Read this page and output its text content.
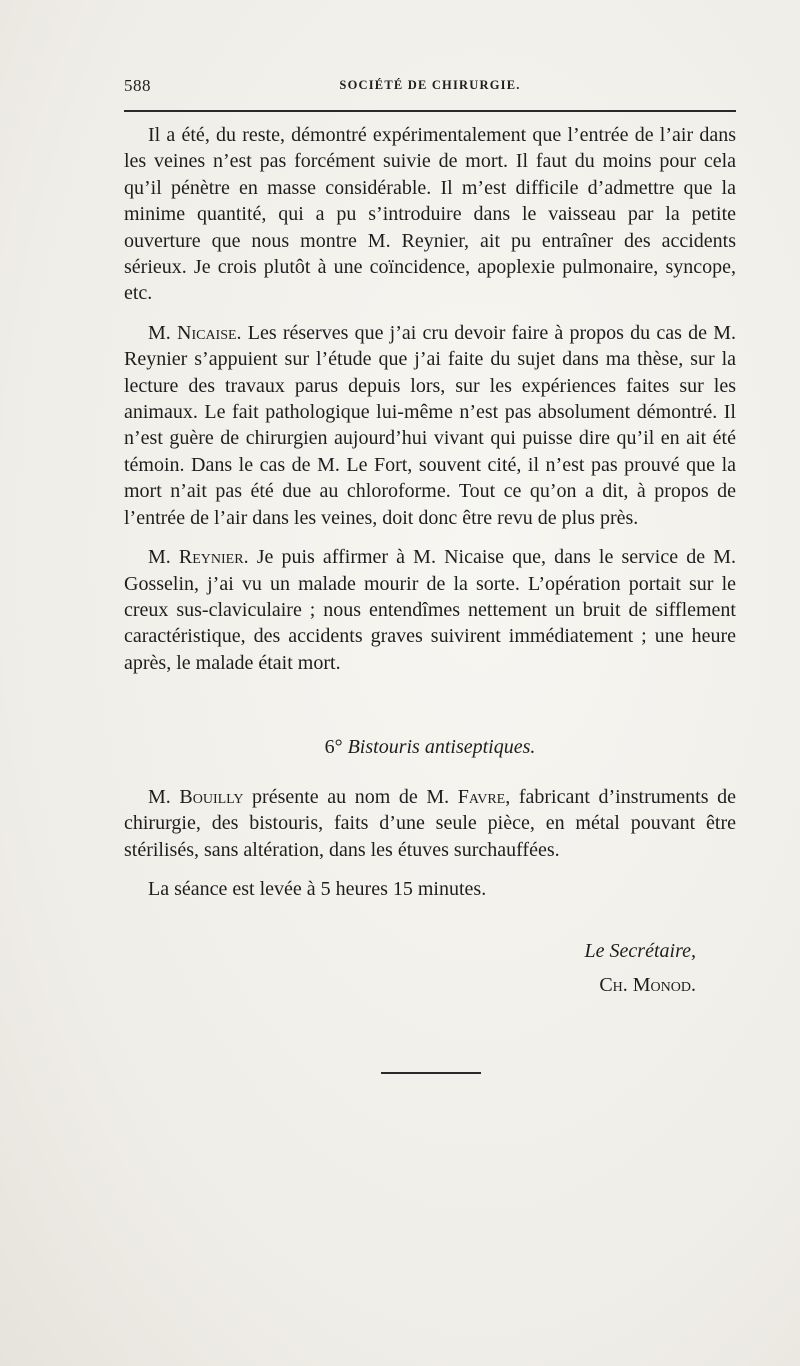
588	SOCIÉTÉ DE CHIRURGIE.

Il a été, du reste, démontré expérimentalement que l’entrée de l’air dans les veines n’est pas forcément suivie de mort. Il faut du moins pour cela qu’il pénètre en masse considérable. Il m’est difficile d’admettre que la minime quantité, qui a pu s’introduire dans le vaisseau par la petite ouverture que nous montre M. Reynier, ait pu entraîner des accidents sérieux. Je crois plutôt à une coïncidence, apoplexie pulmonaire, syncope, etc.

M. Nicaise. Les réserves que j’ai cru devoir faire à propos du cas de M. Reynier s’appuient sur l’étude que j’ai faite du sujet dans ma thèse, sur la lecture des travaux parus depuis lors, sur les expériences faites sur les animaux. Le fait pathologique lui-même n’est pas absolument démontré. Il n’est guère de chirurgien aujourd’hui vivant qui puisse dire qu’il en ait été témoin. Dans le cas de M. Le Fort, souvent cité, il n’est pas prouvé que la mort n’ait pas été due au chloroforme. Tout ce qu’on a dit, à propos de l’entrée de l’air dans les veines, doit donc être revu de plus près.

M. Reynier. Je puis affirmer à M. Nicaise que, dans le service de M. Gosselin, j’ai vu un malade mourir de la sorte. L’opération portait sur le creux sus-claviculaire ; nous entendîmes nettement un bruit de sifflement caractéristique, des accidents graves suivirent immédiatement ; une heure après, le malade était mort.

6° Bistouris antiseptiques.

M. Bouilly présente au nom de M. Favre, fabricant d’instruments de chirurgie, des bistouris, faits d’une seule pièce, en métal pouvant être stérilisés, sans altération, dans les étuves surchauffées.

La séance est levée à 5 heures 15 minutes.

Le Secrétaire,
Ch. Monod.
